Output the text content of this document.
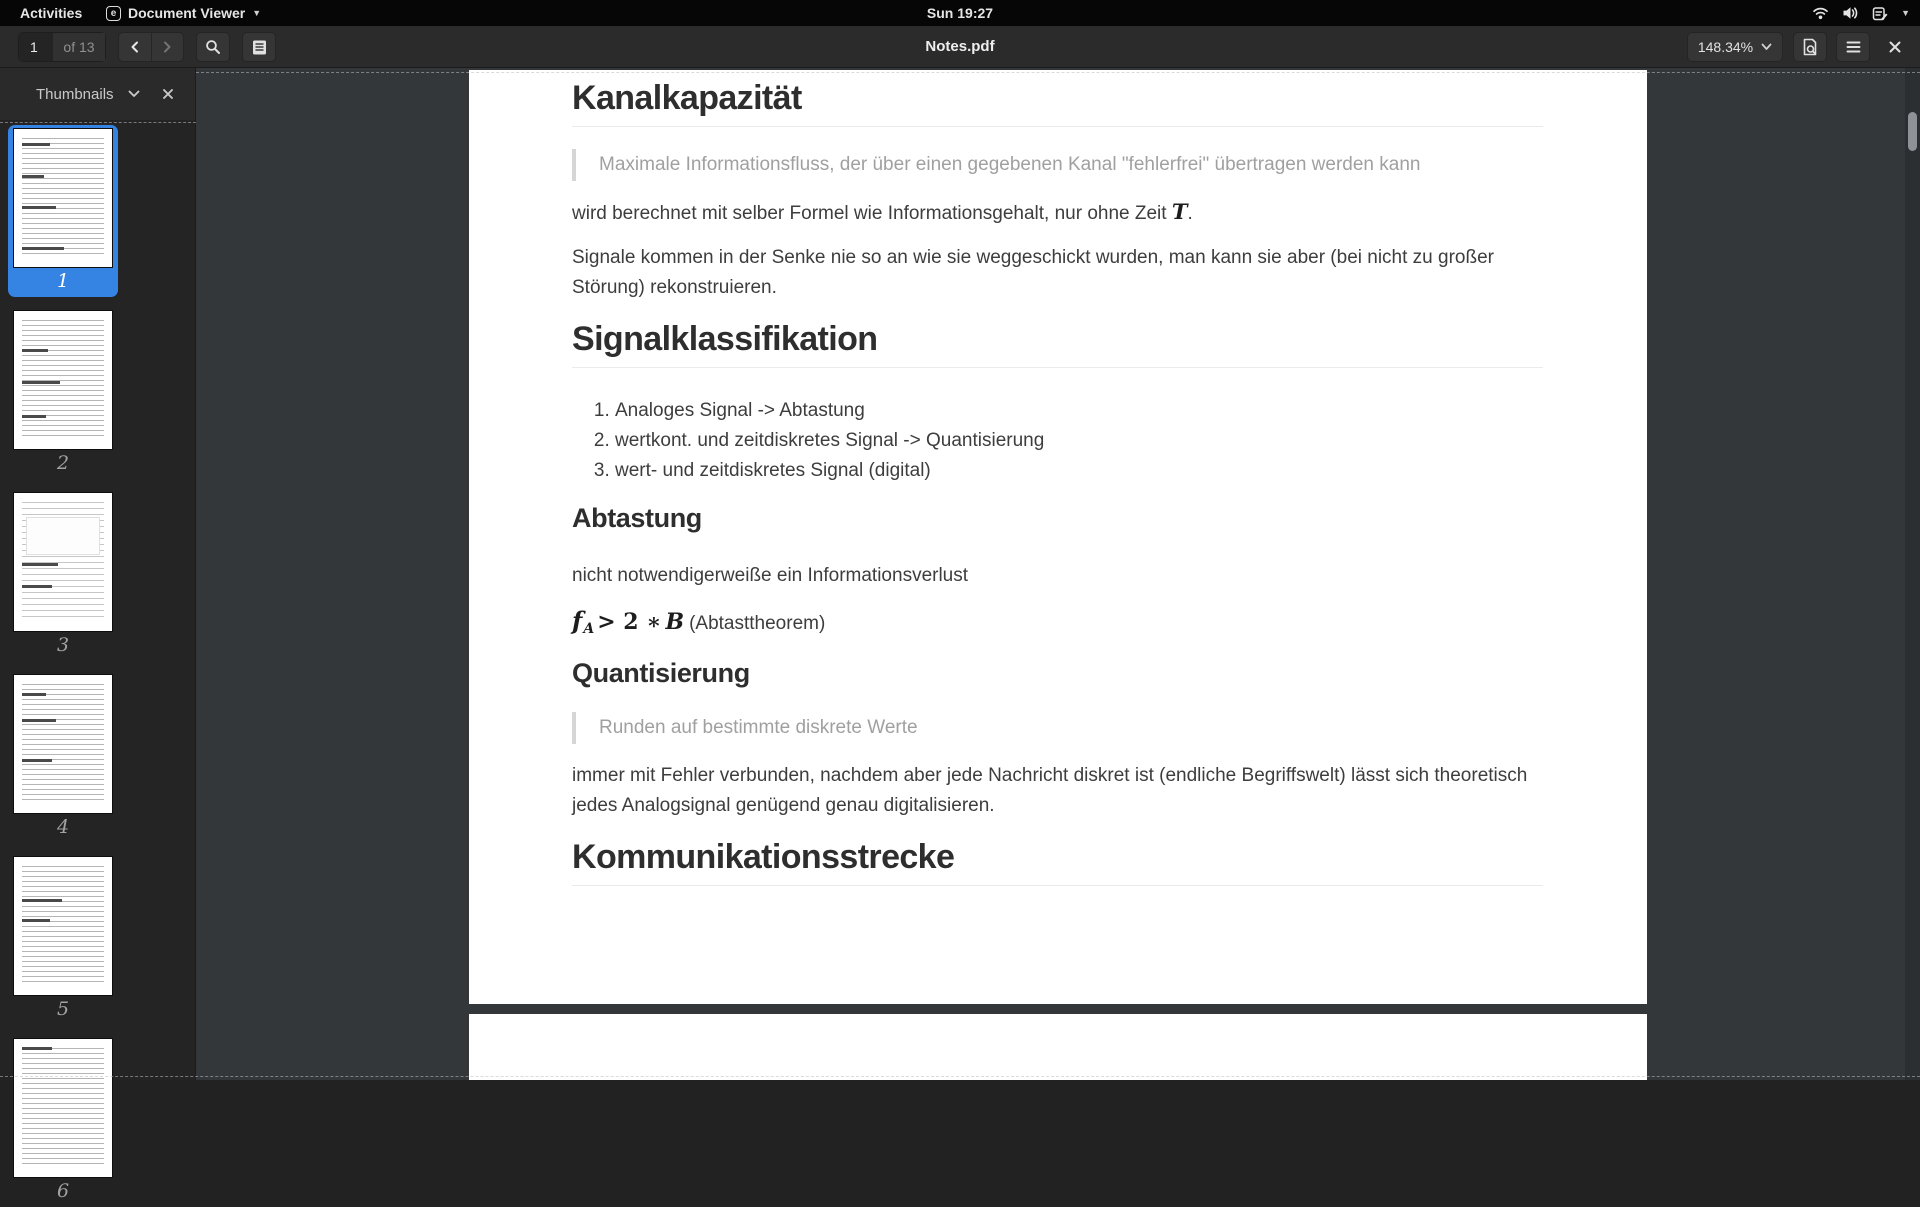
Activities	e Document Viewer ▼	Sun 19:27	▼
Notes.pdf
1	of 13	148.34%
Thumbnails
1
2
3
4
5
6
Kanalkapazität
Maximale Informationsfluss, der über einen gegebenen Kanal "fehlerfrei" übertragen werden kann

wird berechnet mit selber Formel wie Informationsgehalt, nur ohne Zeit T.

Signale kommen in der Senke nie so an wie sie weggeschickt wurden, man kann sie aber (bei nicht zu großer Störung) rekonstruieren.

Signalklassifikation
1. Analoges Signal -> Abtastung
2. wertkont. und zeitdiskretes Signal -> Quantisierung
3. wert- und zeitdiskretes Signal (digital)
Abtastung

nicht notwendigerweiße ein Informationsverlust

f A > 2 ∗ B (Abtasttheorem)
Quantisierung
Runden auf bestimmte diskrete Werte

immer mit Fehler verbunden, nachdem aber jede Nachricht diskret ist (endliche Begriffswelt) lässt sich theoretisch jedes Analogsignal genügend genau digitalisieren.

Kommunikationsstrecke
